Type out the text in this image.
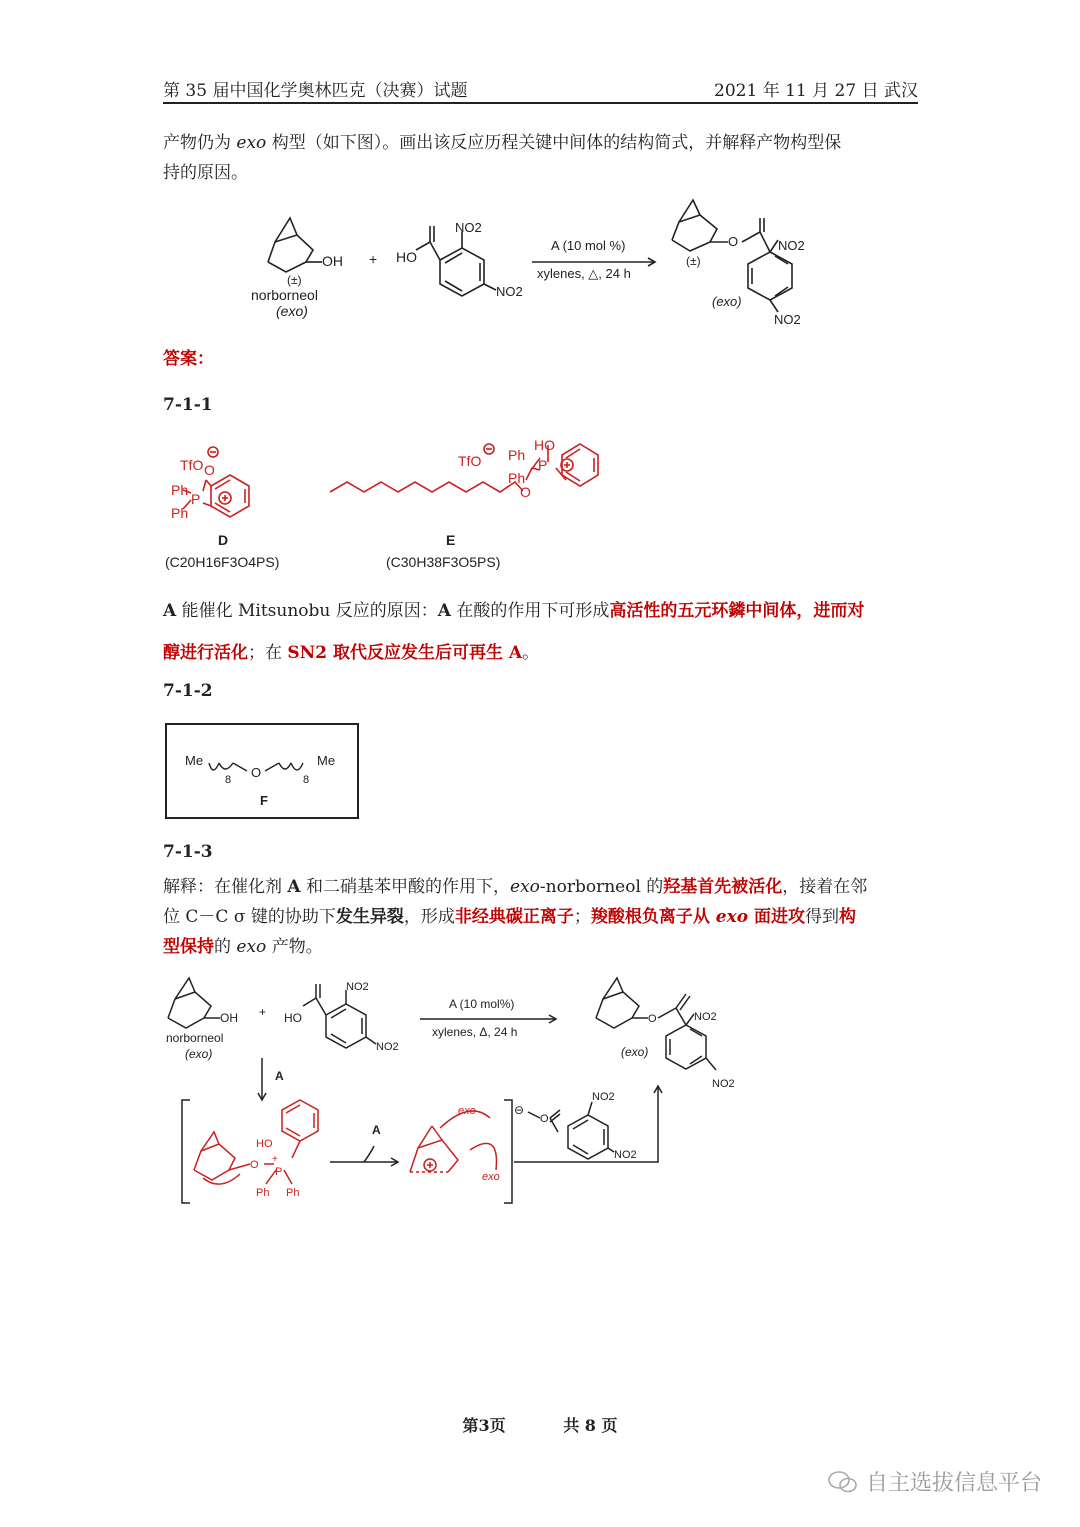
第 35 届中国化学奥林匹克（决赛）试题	2021 年 11 月 27 日 武汉
产物仍为 exo 构型（如下图）。画出该反应历程关键中间体的结构简式，并解释产物构型保
持的原因。
OH
(±)
norborneol
(exo)
+ HO
NO2
NO2
A (10 mol %)
xylenes, △, 24 h
(±)
O	NO2
NO2
(exo)
答案：
7-1-1
TfO O
Ph
Ph
P
D
(C20H16F3O4PS)
TfO
O
Ph
Ph
P
HO
E
(C30H38F3O5PS)
A 能催化 Mitsunobu 反应的原因：A 在酸的作用下可形成高活性的五元环鏻中间体，进而对
醇进行活化；在 SN2 取代反应发生后可再生 A。
7-1-2
Me
8 O	8
Me
F
7-1-3
解释：在催化剂 A 和二硝基苯甲酸的作用下，exo-norborneol 的羟基首先被活化，接着在邻
位 C－C σ 键的协助下发生异裂，形成非经典碳正离子；羧酸根负离子从 exo 面进攻得到构
型保持的 exo 产物。
OH
norborneol
(exo)
+ HO
NO2
NO2
A (10 mol%)
xylenes, Δ, 24 h
O	NO2
NO2
(exo)
A
A
O
P
+
Ph Ph
HO
exo
exo
⊖
O
NO2
NO2
第3页	共 8 页
自主选拔信息平台
